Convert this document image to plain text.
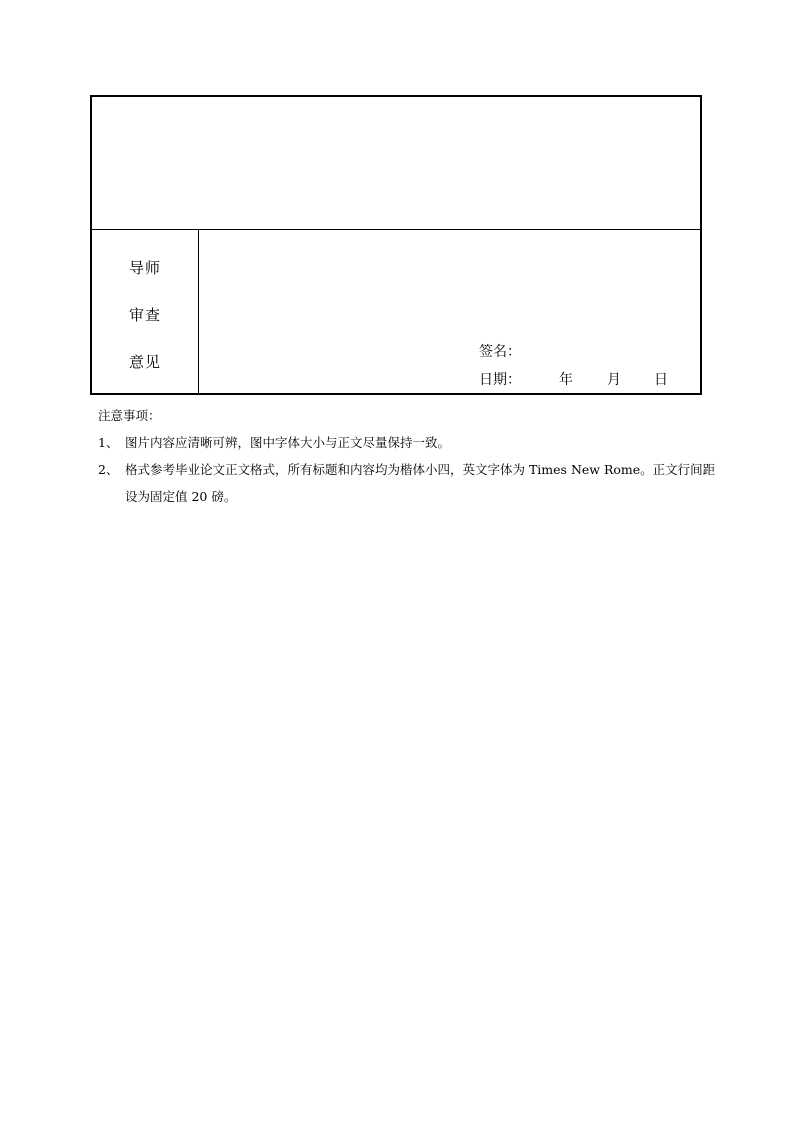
导师
审查
意见
签名：
日期：	年 月 日
注意事项：
1、 图片内容应清晰可辨，图中字体大小与正文尽量保持一致。
2、 格式参考毕业论文正文格式，所有标题和内容均为楷体小四，英文字体为 Times New Rome。正文行间距设为固定值 20 磅。
